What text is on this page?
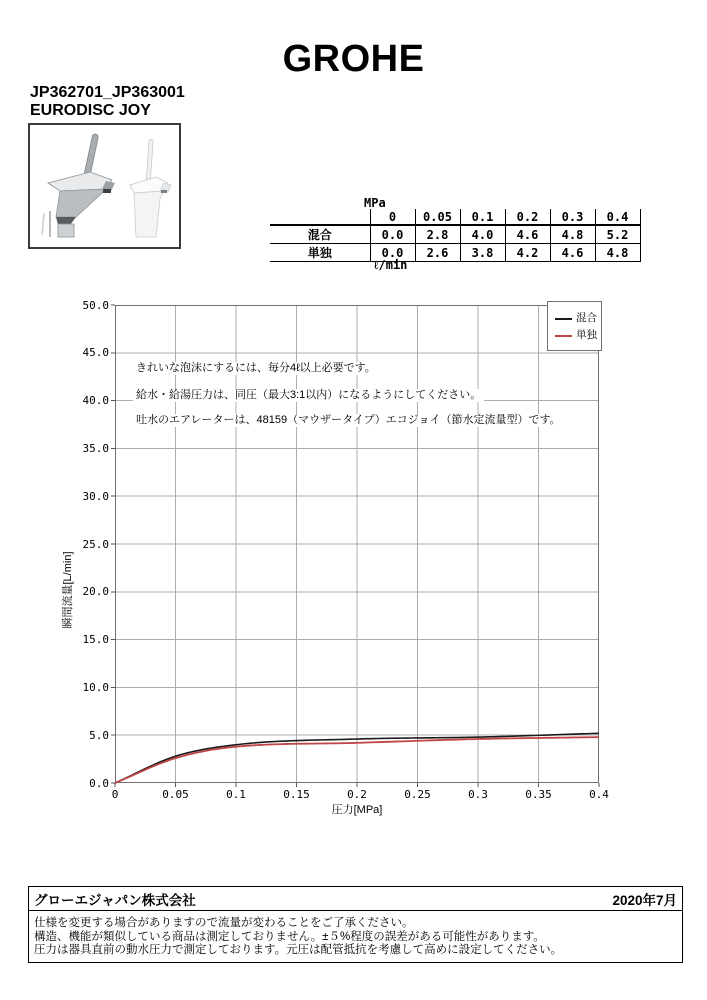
GROHE
JP362701_JP363001
EURODISC JOY
MPa
	0	0.05	0.1	0.2	0.3	0.4
混合	0.0	2.8	4.0	4.6	4.8	5.2
単独	0.0	2.6	3.8	4.2	4.6	4.8
ℓ/min
瞬間流量[L/min]
混合
単独
きれいな泡沫にするには、毎分4ℓ以上必要です。
給水・給湯圧力は、同圧（最大3:1以内）になるようにしてください。
吐水のエアレーターは、48159（マウザータイプ）エコジョイ（節水定流量型）です。
圧力[MPa]
グローエジャパン株式会社	2020年7月
仕様を変更する場合がありますので流量が変わることをご了承ください。
構造、機能が類似している商品は測定しておりません。±５%程度の誤差がある可能性があります。
圧力は器具直前の動水圧力で測定しております。元圧は配管抵抗を考慮して高めに設定してください。
0.0
5.0
10.0
15.0
20.0
25.0
30.0
35.0
40.0
45.0
50.0
0	0.05	0.1	0.15	0.2	0.25	0.3	0.35	0.4
